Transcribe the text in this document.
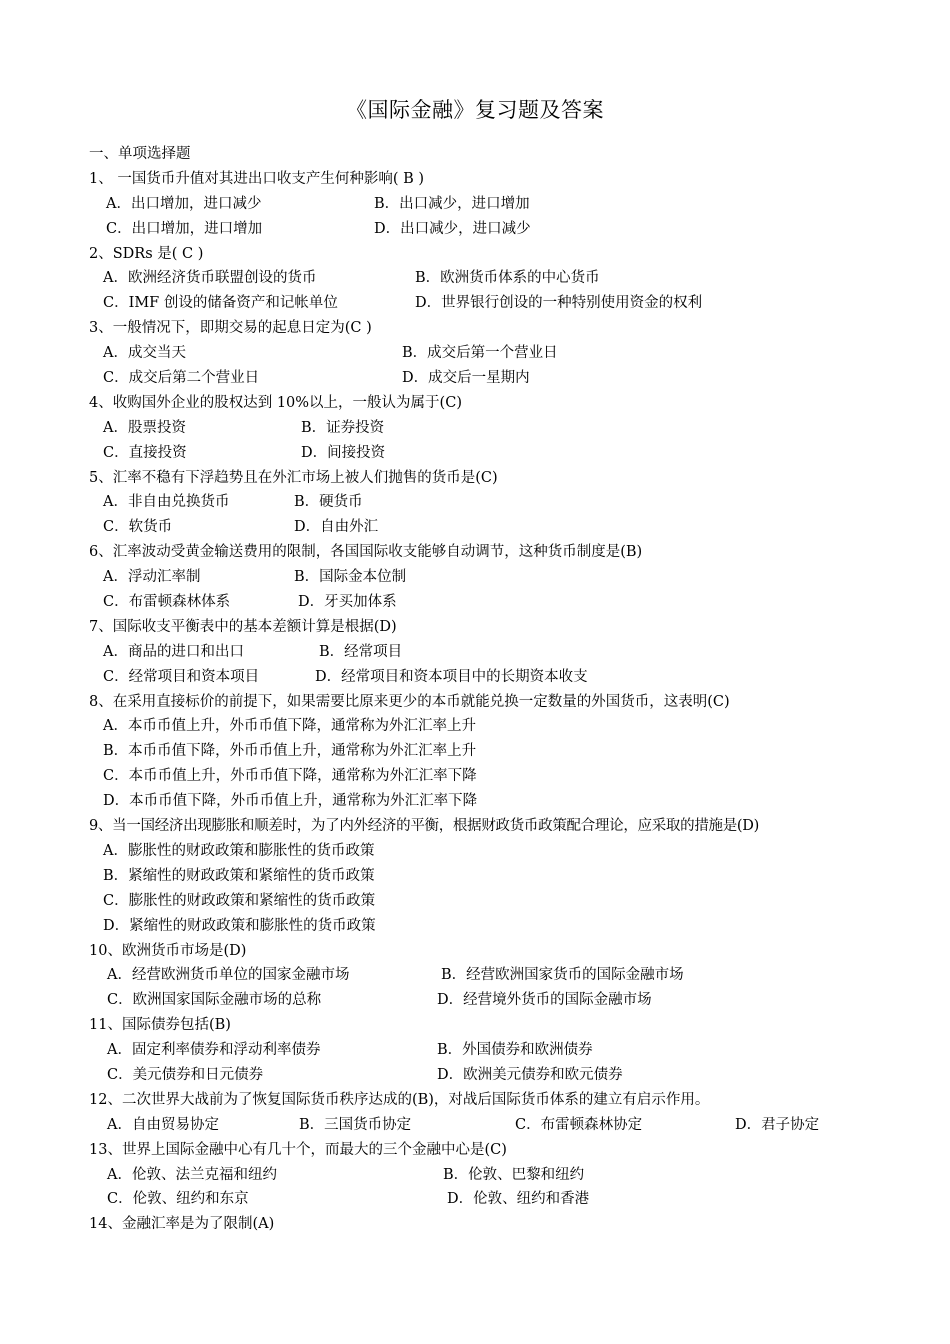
《国际金融》复习题及答案
一、单项选择题
1、 一国货币升值对其进出口收支产生何种影响( B )
A．出口增加，进口减少	B．出口减少，进口增加
C．出口增加，进口增加	D．出口减少，进口减少
2、SDRs 是( C )
A．欧洲经济货币联盟创设的货币	B．欧洲货币体系的中心货币
C．IMF 创设的储备资产和记帐单位	D．世界银行创设的一种特别使用资金的权利
3、一般情况下，即期交易的起息日定为(C )
A．成交当天	B．成交后第一个营业日
C．成交后第二个营业日	D．成交后一星期内
4、收购国外企业的股权达到 10%以上，一般认为属于(C)
A．股票投资	B．证券投资
C．直接投资	D．间接投资
5、汇率不稳有下浮趋势且在外汇市场上被人们抛售的货币是(C)
A．非自由兑换货币	B．硬货币
C．软货币	D．自由外汇
6、汇率波动受黄金输送费用的限制，各国国际收支能够自动调节，这种货币制度是(B)
A．浮动汇率制	B．国际金本位制
C．布雷顿森林体系	D．牙买加体系
7、国际收支平衡表中的基本差额计算是根据(D)
A．商品的进口和出口	B．经常项目
C．经常项目和资本项目	D．经常项目和资本项目中的长期资本收支
8、在采用直接标价的前提下，如果需要比原来更少的本币就能兑换一定数量的外国货币，这表明(C)
A．本币币值上升，外币币值下降，通常称为外汇汇率上升
B．本币币值下降，外币币值上升，通常称为外汇汇率上升
C．本币币值上升，外币币值下降，通常称为外汇汇率下降
D．本币币值下降，外币币值上升，通常称为外汇汇率下降
9、当一国经济出现膨胀和顺差时，为了内外经济的平衡，根据财政货币政策配合理论，应采取的措施是(D)
A．膨胀性的财政政策和膨胀性的货币政策
B．紧缩性的财政政策和紧缩性的货币政策
C．膨胀性的财政政策和紧缩性的货币政策
D．紧缩性的财政政策和膨胀性的货币政策
10、欧洲货币市场是(D)
A．经营欧洲货币单位的国家金融市场	B．经营欧洲国家货币的国际金融市场
C．欧洲国家国际金融市场的总称	D．经营境外货币的国际金融市场
11、国际债券包括(B)
A．固定利率债券和浮动利率债券	B．外国债券和欧洲债券
C．美元债券和日元债券	D．欧洲美元债券和欧元债券
12、二次世界大战前为了恢复国际货币秩序达成的(B)，对战后国际货币体系的建立有启示作用。
A．自由贸易协定	B．三国货币协定	C．布雷顿森林协定	D．君子协定
13、世界上国际金融中心有几十个，而最大的三个金融中心是(C)
A．伦敦、法兰克福和纽约	B．伦敦、巴黎和纽约
C．伦敦、纽约和东京	D．伦敦、纽约和香港
14、金融汇率是为了限制(A)
